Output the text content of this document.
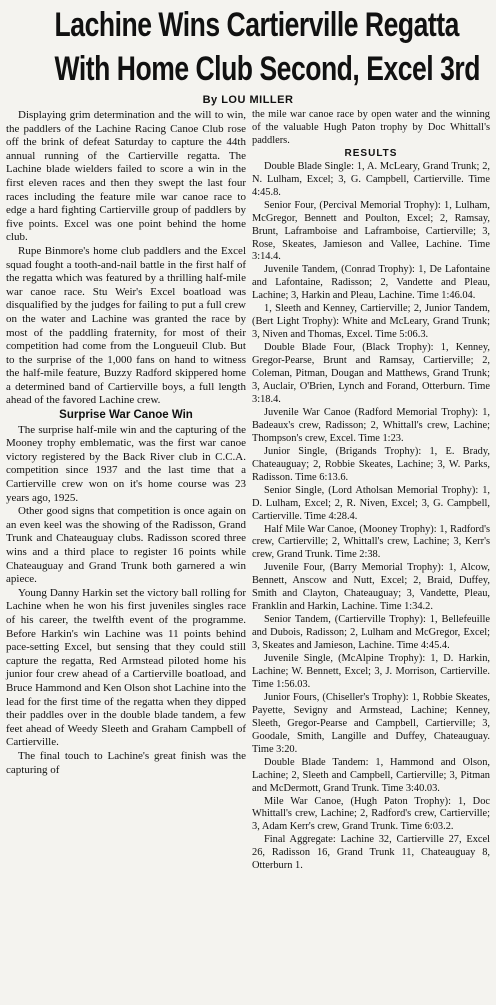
Lachine Wins Cartierville Regatta
With Home Club Second, Excel 3rd
By LOU MILLER

Displaying grim determination and the will to win, the paddlers of the Lachine Racing Canoe Club rose off the brink of defeat Saturday to capture the 44th annual running of the Cartierville regatta. The Lachine blade wielders failed to score a win in the first eleven races and then they swept the last four races including the feature mile war canoe race to edge a hard fighting Cartierville group of paddlers by five points. Excel was one point behind the home club.

Rupe Binmore's home club paddlers and the Excel squad fought a tooth-and-nail battle in the first half of the regatta which was featured by a thrilling half-mile war canoe race. Stu Weir's Excel boatload was disqualified by the judges for failing to put a full crew on the water and Lachine was granted the race by most of the paddling fraternity, for most of their competition had come from the Longueuil Club. But to the surprise of the 1,000 fans on hand to witness the half-mile feature, Buzzy Radford skippered home a determined band of Cartierville boys, a full length ahead of the favored Lachine crew.

Surprise War Canoe Win

The surprise half-mile win and the capturing of the Mooney trophy emblematic, was the first war canoe victory registered by the Back River club in C.C.A. competition since 1937 and the last time that a Cartierville crew won on it's home course was 23 years ago, 1925.

Other good signs that competition is once again on an even keel was the showing of the Radisson, Grand Trunk and Chateauguay clubs. Radisson scored three wins and a third place to register 16 points while Chateauguay and Grand Trunk both garnered a win apiece.

Young Danny Harkin set the victory ball rolling for Lachine when he won his first juveniles singles race of his career, the twelfth event of the programme. Before Harkin's win Lachine was 11 points behind pace-setting Excel, but sensing that they could still capture the regatta, Red Armstead piloted home his junior four crew ahead of a Cartierville boatload, and Bruce Hammond and Ken Olson shot Lachine into the lead for the first time of the regatta when they dipped their paddles over in the double blade tandem, a few feet ahead of Weedy Sleeth and Graham Campbell of Cartierville.

The final touch to Lachine's great finish was the capturing of

the mile war canoe race by open water and the winning of the valuable Hugh Paton trophy by Doc Whittall's paddlers.

RESULTS

Double Blade Single: 1, A. McLeary, Grand Trunk; 2, N. Lulham, Excel; 3, G. Campbell, Cartierville. Time 4:45.8.

Senior Four, (Percival Memorial Trophy): 1, Lulham, McGregor, Bennett and Poulton, Excel; 2, Ramsay, Brunt, Laframboise and Laframboise, Cartierville; 3, Rose, Skeates, Jamieson and Vallee, Lachine. Time 3:14.4.

Juvenile Tandem, (Conrad Trophy): 1, De Lafontaine and Lafontaine, Radisson; 2, Vandette and Pleau, Lachine; 3, Harkin and Pleau, Lachine. Time 1:46.04.

1, Sleeth and Kenney, Cartierville; 2, Junior Tandem, (Bert Light Trophy): White and McLeary, Grand Trunk; 3, Niven and Thomas, Excel. Time 5:06.3.

Double Blade Four, (Black Trophy): 1, Kenney, Gregor-Pearse, Brunt and Ramsay, Cartierville; 2, Coleman, Pitman, Dougan and Matthews, Grand Trunk; 3, Auclair, O'Brien, Lynch and Forand, Otterburn. Time 3:18.4.

Juvenile War Canoe (Radford Memorial Trophy): 1, Badeaux's crew, Radisson; 2, Whittall's crew, Lachine; Thompson's crew, Excel. Time 1:23.

Junior Single, (Brigands Trophy): 1, E. Brady, Chateauguay; 2, Robbie Skeates, Lachine; 3, W. Parks, Radisson. Time 6:13.6.

Senior Single, (Lord Atholsan Memorial Trophy): 1, D. Lulham, Excel; 2, R. Niven, Excel; 3, G. Campbell, Cartierville. Time 4:28.4.

Half Mile War Canoe, (Mooney Trophy): 1, Radford's crew, Cartierville; 2, Whittall's crew, Lachine; 3, Kerr's crew, Grand Trunk. Time 2:38.

Juvenile Four, (Barry Memorial Trophy): 1, Alcow, Bennett, Anscow and Nutt, Excel; 2, Braid, Duffey, Smith and Clayton, Chateauguay; 3, Vandette, Pleau, Franklin and Harkin, Lachine. Time 1:34.2.

Senior Tandem, (Cartierville Trophy): 1, Bellefeuille and Dubois, Radisson; 2, Lulham and McGregor, Excel; 3, Skeates and Jamieson, Lachine. Time 4:45.4.

Juvenile Single, (McAlpine Trophy): 1, D. Harkin, Lachine; W. Bennett, Excel; 3, J. Morrison, Cartierville. Time 1:56.03.

Junior Fours, (Chiseller's Trophy): 1, Robbie Skeates, Payette, Sevigny and Armstead, Lachine; Kenney, Sleeth, Gregor-Pearse and Campbell, Cartierville; 3, Goodale, Smith, Langille and Duffey, Chateauguay. Time 3:20.

Double Blade Tandem: 1, Hammond and Olson, Lachine; 2, Sleeth and Campbell, Cartierville; 3, Pitman and McDermott, Grand Trunk. Time 3:40.03.

Mile War Canoe, (Hugh Paton Trophy): 1, Doc Whittall's crew, Lachine; 2, Radford's crew, Cartierville; 3, Adam Kerr's crew, Grand Trunk. Time 6:03.2.

Final Aggregate: Lachine 32, Cartierville 27, Excel 26, Radisson 16, Grand Trunk 11, Chateauguay 8, Otterburn 1.
